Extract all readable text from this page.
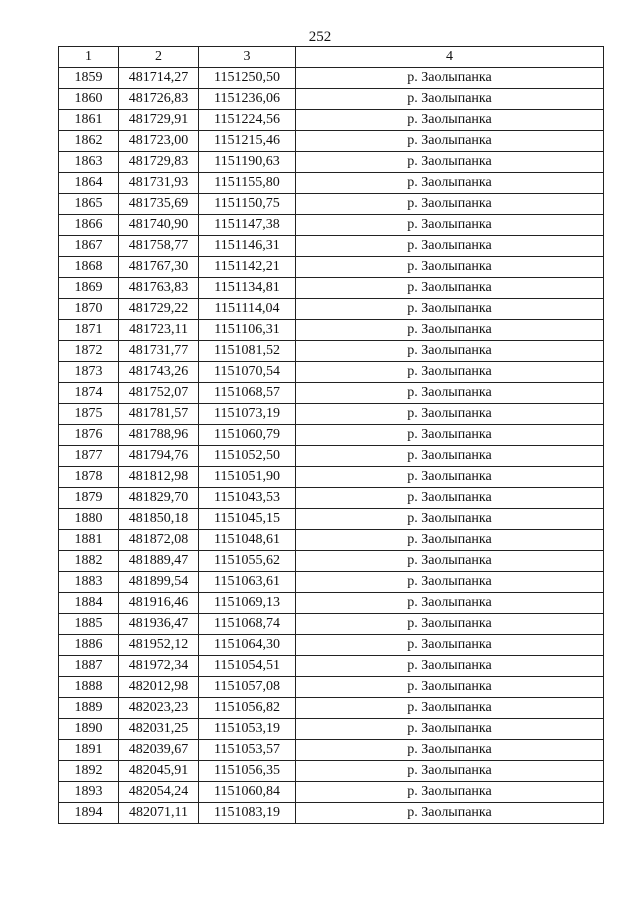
252
1	2	3	4
1859	481714,27	1151250,50	р. Заолыпанка
1860	481726,83	1151236,06	р. Заолыпанка
1861	481729,91	1151224,56	р. Заолыпанка
1862	481723,00	1151215,46	р. Заолыпанка
1863	481729,83	1151190,63	р. Заолыпанка
1864	481731,93	1151155,80	р. Заолыпанка
1865	481735,69	1151150,75	р. Заолыпанка
1866	481740,90	1151147,38	р. Заолыпанка
1867	481758,77	1151146,31	р. Заолыпанка
1868	481767,30	1151142,21	р. Заолыпанка
1869	481763,83	1151134,81	р. Заолыпанка
1870	481729,22	1151114,04	р. Заолыпанка
1871	481723,11	1151106,31	р. Заолыпанка
1872	481731,77	1151081,52	р. Заолыпанка
1873	481743,26	1151070,54	р. Заолыпанка
1874	481752,07	1151068,57	р. Заолыпанка
1875	481781,57	1151073,19	р. Заолыпанка
1876	481788,96	1151060,79	р. Заолыпанка
1877	481794,76	1151052,50	р. Заолыпанка
1878	481812,98	1151051,90	р. Заолыпанка
1879	481829,70	1151043,53	р. Заолыпанка
1880	481850,18	1151045,15	р. Заолыпанка
1881	481872,08	1151048,61	р. Заолыпанка
1882	481889,47	1151055,62	р. Заолыпанка
1883	481899,54	1151063,61	р. Заолыпанка
1884	481916,46	1151069,13	р. Заолыпанка
1885	481936,47	1151068,74	р. Заолыпанка
1886	481952,12	1151064,30	р. Заолыпанка
1887	481972,34	1151054,51	р. Заолыпанка
1888	482012,98	1151057,08	р. Заолыпанка
1889	482023,23	1151056,82	р. Заолыпанка
1890	482031,25	1151053,19	р. Заолыпанка
1891	482039,67	1151053,57	р. Заолыпанка
1892	482045,91	1151056,35	р. Заолыпанка
1893	482054,24	1151060,84	р. Заолыпанка
1894	482071,11	1151083,19	р. Заолыпанка
